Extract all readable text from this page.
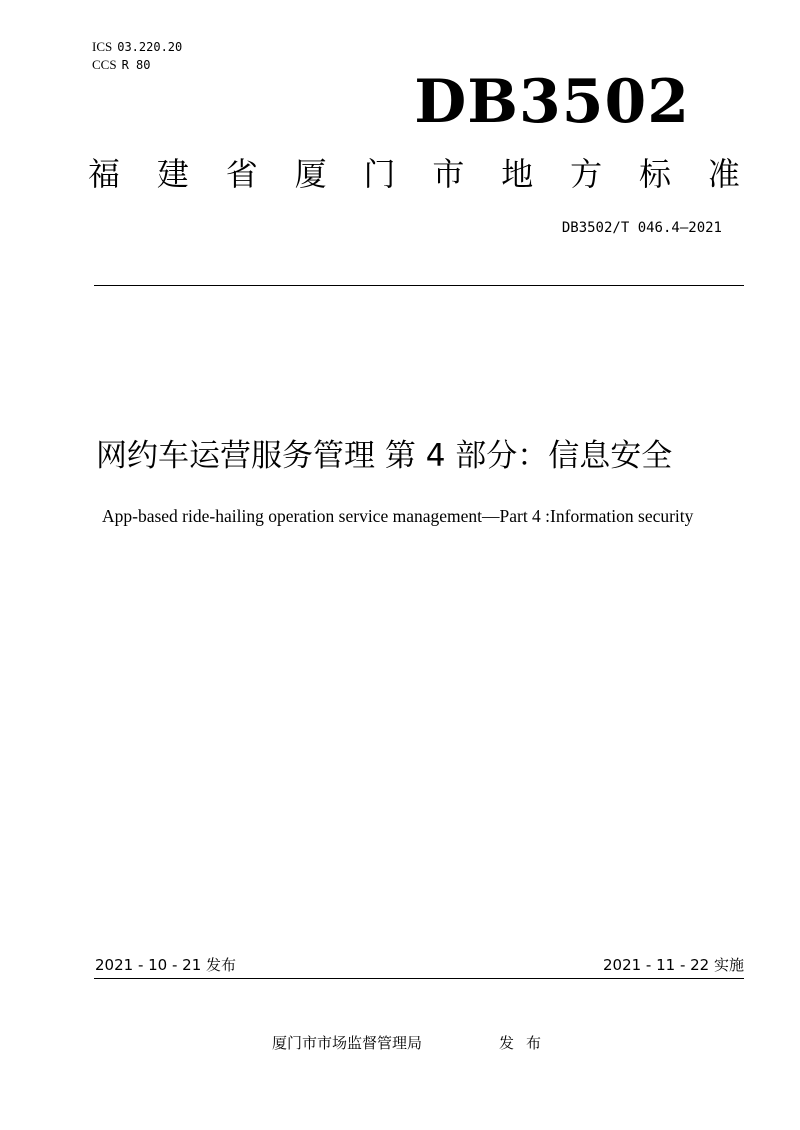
ICS 03.220.20
CCS R 80
DB3502
福 建 省 厦 门 市 地 方 标 准
DB3502/T 046.4—2021
网约车运营服务管理 第 4 部分：信息安全
App-based ride-hailing operation service management—Part 4 :Information security
2021 - 10 - 21 发布	2021 - 11 - 22 实施
厦门市市场监督管理局	发布
